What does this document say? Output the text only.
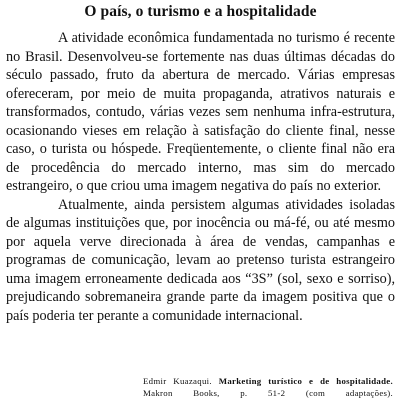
O país, o turismo e a hospitalidade

A atividade econômica fundamentada no turismo é recente no Brasil. Desenvolveu-se fortemente nas duas últimas décadas do século passado, fruto da abertura de mercado. Várias empresas ofereceram, por meio de muita propaganda, atrativos naturais e transformados, contudo, várias vezes sem nenhuma infra-estrutura, ocasionando vieses em relação à satisfação do cliente final, nesse caso, o turista ou hóspede. Freqüentemente, o cliente final não era de procedência do mercado interno, mas sim do mercado estrangeiro, o que criou uma imagem negativa do país no exterior.

Atualmente, ainda persistem algumas atividades isoladas de algumas instituições que, por inocência ou má-fé, ou até mesmo por aquela verve direcionada à área de vendas, campanhas e programas de comunicação, levam ao pretenso turista estrangeiro uma imagem erroneamente dedicada aos “3S” (sol, sexo e sorriso), prejudicando sobremaneira grande parte da imagem positiva que o país poderia ter perante a comunidade internacional.

Edmir Kuazaqui. Marketing turístico e de hospitalidade. Makron Books, p. 51-2 (com adaptações).
